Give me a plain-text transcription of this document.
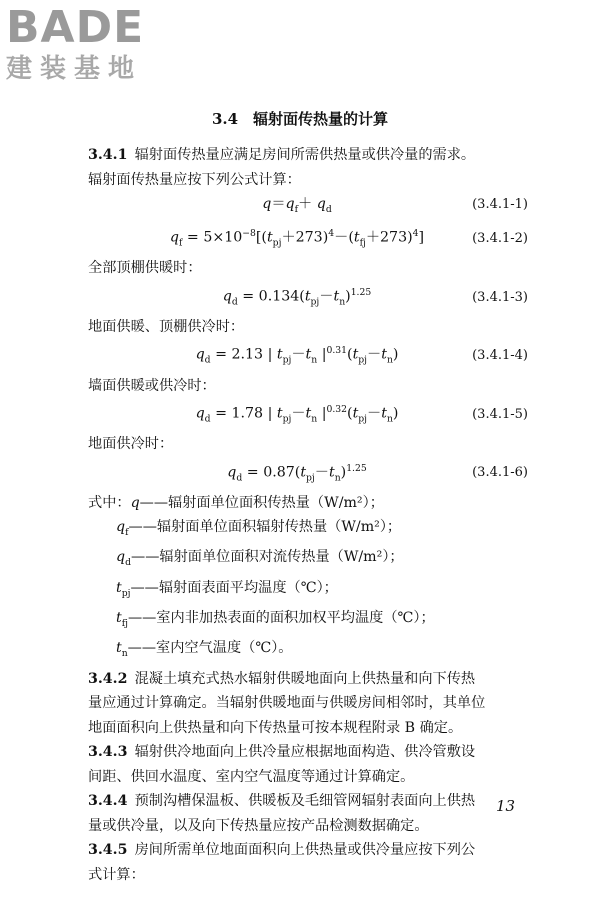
BADE
建装基地
3.4　辐射面传热量的计算

3.4.1  辐射面传热量应满足房间所需供热量或供冷量的需求。

辐射面传热量应按下列公式计算：

$q=q_f+ q_d$	(3.4.1-1)
$q_f = 5\times 10^{-8}[(t_{pj}+273)^4-(t_{fj}+273)^4]$	(3.4.1-2)

全部顶棚供暖时：

$q_d = 0.134(t_{pj}-t_n)^{1.25}$	(3.4.1-3)

地面供暖、顶棚供冷时：

$q_d = 2.13$ | $t_{pj}-t_n$ $|^{0.31}(t_{pj}-t_n)$	(3.4.1-4)

墙面供暖或供冷时：

$q_d = 1.78$ | $t_{pj}-t_n$ $|^{0.32}(t_{pj}-t_n)$	(3.4.1-5)

地面供冷时：

$q_d = 0.87(t_{pj}-t_n)^{1.25}$	(3.4.1-6)

式中：q——辐射面单位面积传热量（W/m²）；

$q_f——$辐射面单位面积辐射传热量（W/m²）；

$q_d——$辐射面单位面积对流传热量（W/m²）；

$t_{pj}——$辐射面表面平均温度（℃）；

$t_{fj}——$室内非加热表面的面积加权平均温度（℃）；

$t_n——$室内空气温度（℃）。

3.4.2  混凝土填充式热水辐射供暖地面向上供热量和向下传热

量应通过计算确定。当辐射供暖地面与供暖房间相邻时，其单位

地面面积向上供热量和向下传热量可按本规程附录 B 确定。

3.4.3  辐射供冷地面向上供冷量应根据地面构造、供冷管敷设

间距、供回水温度、室内空气温度等通过计算确定。

3.4.4  预制沟槽保温板、供暖板及毛细管网辐射表面向上供热

量或供冷量，以及向下传热量应按产品检测数据确定。

3.4.5  房间所需单位地面面积向上供热量或供冷量应按下列公

式计算：

13
